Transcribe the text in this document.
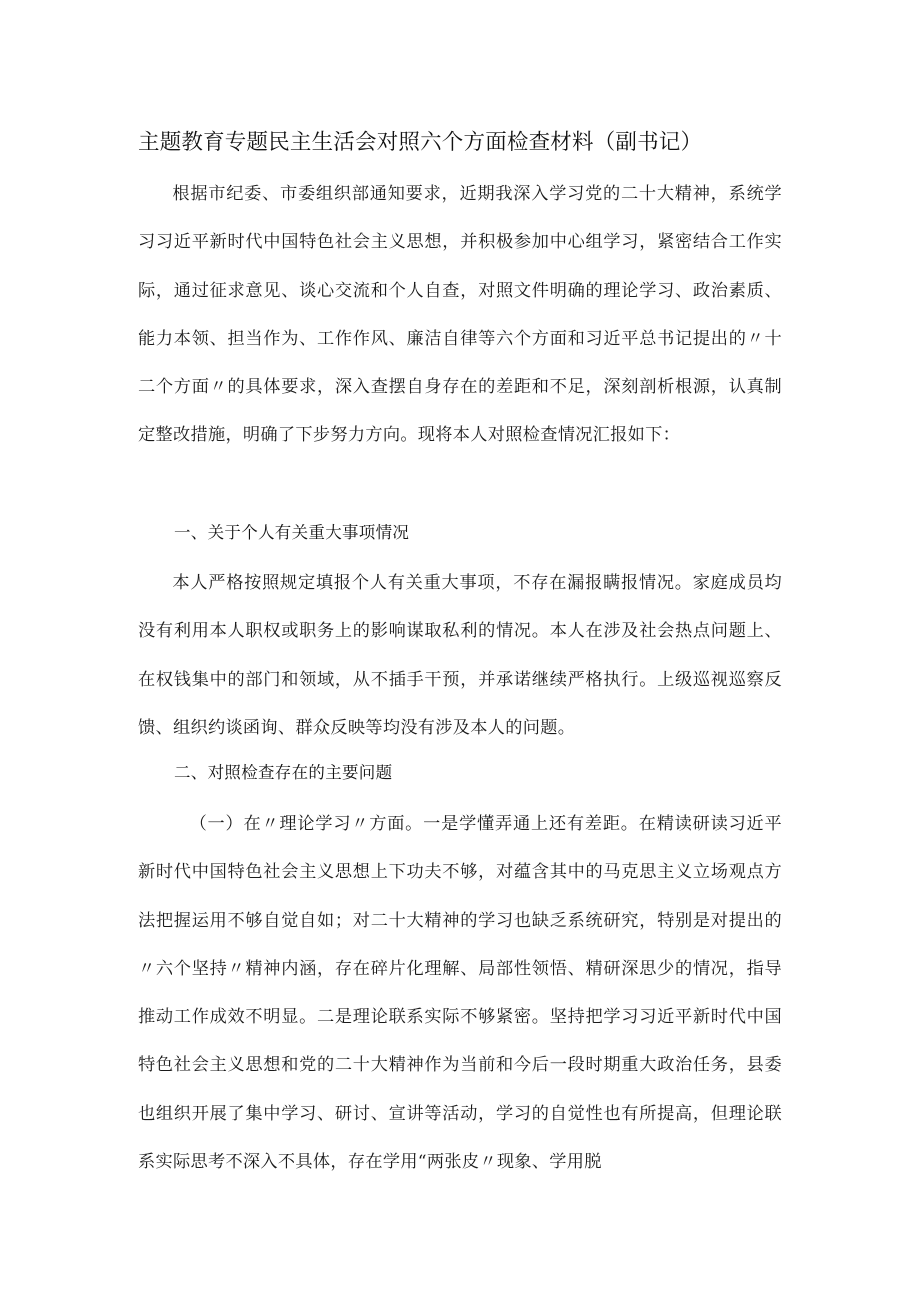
主题教育专题民主生活会对照六个方面检查材料（副书记）

根据市纪委、市委组织部通知要求，近期我深入学习党的二十大精神，系统学习习近平新时代中国特色社会主义思想，并积极参加中心组学习，紧密结合工作实际，通过征求意见、谈心交流和个人自查，对照文件明确的理论学习、政治素质、能力本领、担当作为、工作作风、廉洁自律等六个方面和习近平总书记提出的〃十二个方面〃的具体要求，深入查摆自身存在的差距和不足，深刻剖析根源，认真制定整改措施，明确了下步努力方向。现将本人对照检查情况汇报如下：

一、关于个人有关重大事项情况

本人严格按照规定填报个人有关重大事项，不存在漏报瞒报情况。家庭成员均没有利用本人职权或职务上的影响谋取私利的情况。本人在涉及社会热点问题上、在权钱集中的部门和领域，从不插手干预，并承诺继续严格执行。上级巡视巡察反馈、组织约谈函询、群众反映等均没有涉及本人的问题。

二、对照检查存在的主要问题

（一）在〃理论学习〃方面。一是学懂弄通上还有差距。在精读研读习近平新时代中国特色社会主义思想上下功夫不够，对蕴含其中的马克思主义立场观点方法把握运用不够自觉自如；对二十大精神的学习也缺乏系统研究，特别是对提出的〃六个坚持〃精神内涵，存在碎片化理解、局部性领悟、精研深思少的情况，指导推动工作成效不明显。二是理论联系实际不够紧密。坚持把学习习近平新时代中国特色社会主义思想和党的二十大精神作为当前和今后一段时期重大政治任务，县委也组织开展了集中学习、研讨、宣讲等活动，学习的自觉性也有所提高，但理论联系实际思考不深入不具体，存在学用“两张皮〃现象、学用脱
